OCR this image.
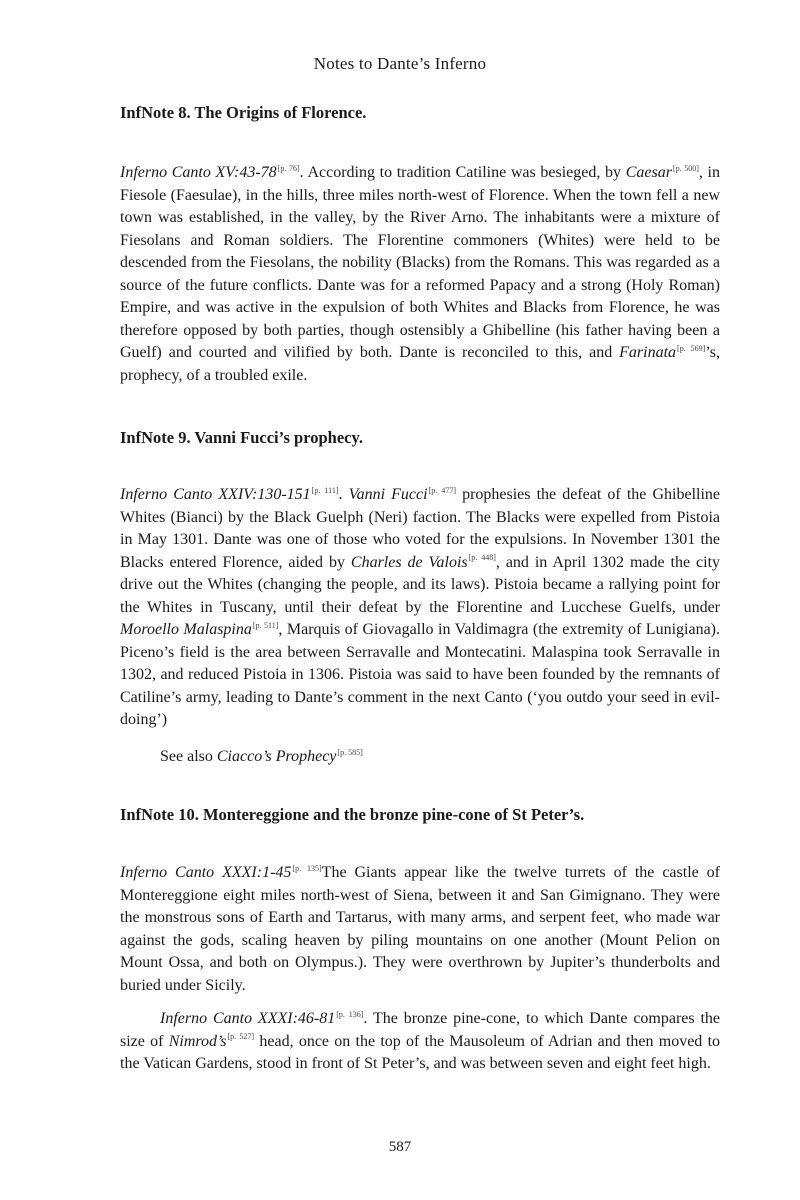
Notes to Dante’s Inferno
InfNote 8. The Origins of Florence.
Inferno Canto XV:43-78[p. 76]. According to tradition Catiline was besieged, by Caesar[p. 500], in Fiesole (Faesulae), in the hills, three miles north-west of Florence. When the town fell a new town was established, in the valley, by the River Arno. The inhabitants were a mixture of Fiesolans and Roman soldiers. The Florentine commoners (Whites) were held to be descended from the Fiesolans, the nobility (Blacks) from the Romans. This was regarded as a source of the future conflicts. Dante was for a reformed Papacy and a strong (Holy Roman) Empire, and was active in the expulsion of both Whites and Blacks from Florence, he was therefore opposed by both parties, though ostensibly a Ghibelline (his father having been a Guelf) and courted and vilified by both. Dante is reconciled to this, and Farinata[p. 569]’s, prophecy, of a troubled exile.
InfNote 9. Vanni Fucci’s prophecy.
Inferno Canto XXIV:130-151[p. 111]. Vanni Fucci[p. 477] prophesies the defeat of the Ghibelline Whites (Bianci) by the Black Guelph (Neri) faction. The Blacks were expelled from Pistoia in May 1301. Dante was one of those who voted for the expulsions. In November 1301 the Blacks entered Florence, aided by Charles de Valois[p. 448], and in April 1302 made the city drive out the Whites (changing the people, and its laws). Pistoia became a rallying point for the Whites in Tuscany, until their defeat by the Florentine and Lucchese Guelfs, under Moroello Malaspina[p. 511], Marquis of Giovagallo in Valdimagra (the extremity of Lunigiana). Piceno’s field is the area between Serravalle and Montecatini. Malaspina took Serravalle in 1302, and reduced Pistoia in 1306. Pistoia was said to have been founded by the remnants of Catiline’s army, leading to Dante’s comment in the next Canto (‘you outdo your seed in evil-doing’)
See also Ciacco’s Prophecy[p. 585]
InfNote 10. Montereggione and the bronze pine-cone of St Peter’s.
Inferno Canto XXXI:1-45[p. 135]The Giants appear like the twelve turrets of the castle of Montereggione eight miles north-west of Siena, between it and San Gimignano. They were the monstrous sons of Earth and Tartarus, with many arms, and serpent feet, who made war against the gods, scaling heaven by piling mountains on one another (Mount Pelion on Mount Ossa, and both on Olympus.). They were overthrown by Jupiter’s thunderbolts and buried under Sicily.
Inferno Canto XXXI:46-81[p. 136]. The bronze pine-cone, to which Dante compares the size of Nimrod’s[p. 527] head, once on the top of the Mausoleum of Adrian and then moved to the Vatican Gardens, stood in front of St Peter’s, and was between seven and eight feet high.
587
